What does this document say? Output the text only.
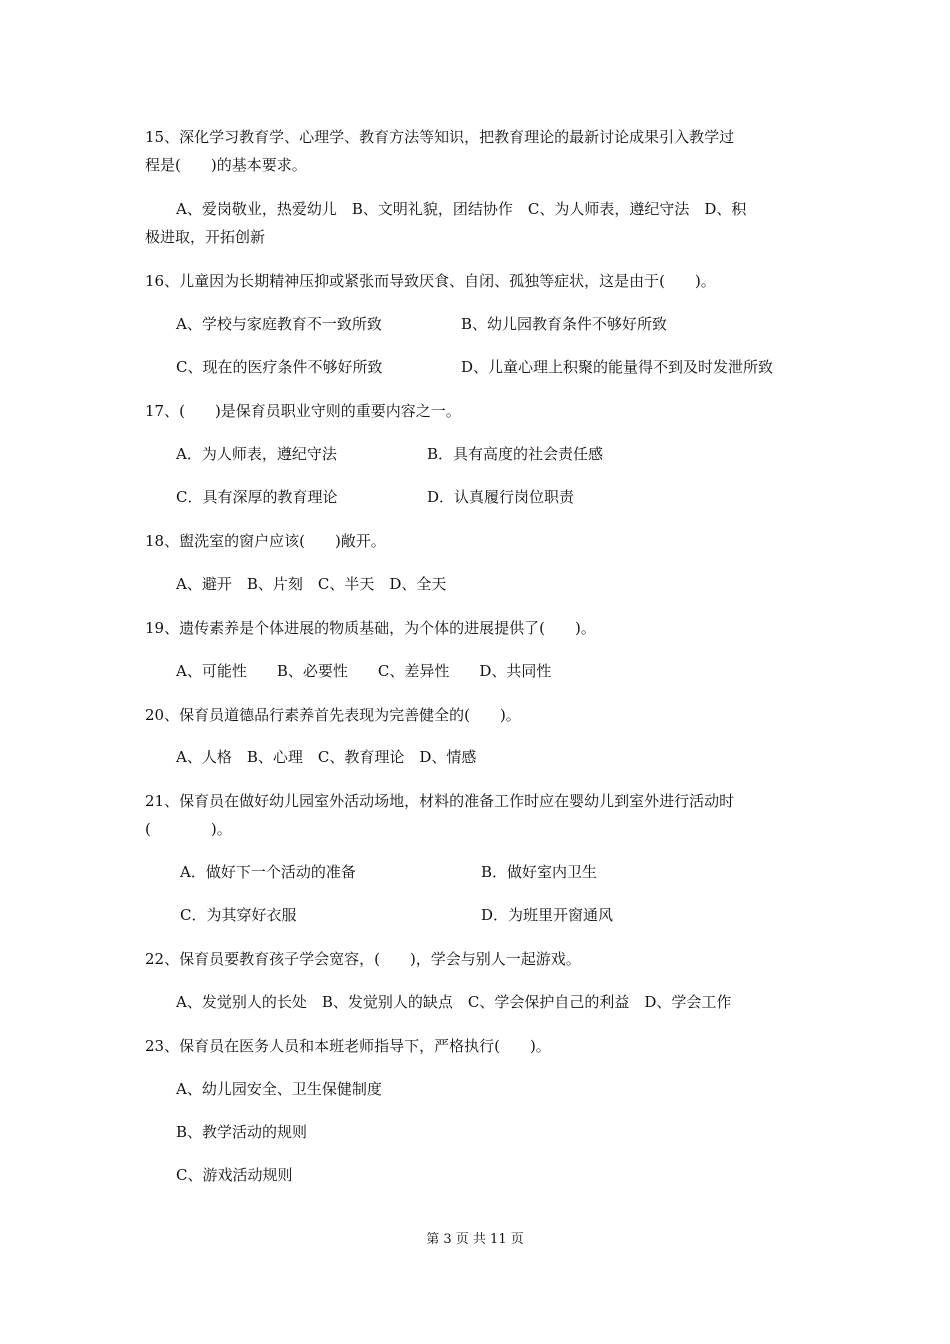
15、深化学习教育学、心理学、教育方法等知识，把教育理论的最新讨论成果引入教学过
程是(　　)的基本要求。
A、爱岗敬业，热爱幼儿　B、文明礼貌，团结协作　C、为人师表，遵纪守法　D、积
极进取，开拓创新
16、儿童因为长期精神压抑或紧张而导致厌食、自闭、孤独等症状，这是由于(　　)。
A、学校与家庭教育不一致所致	B、幼儿园教育条件不够好所致
C、现在的医疗条件不够好所致	D、儿童心理上积聚的能量得不到及时发泄所致
17、(　　)是保育员职业守则的重要内容之一。
A．为人师表，遵纪守法	B．具有高度的社会责任感
C．具有深厚的教育理论	D．认真履行岗位职责
18、盥洗室的窗户应该(　　)敞开。
A、避开　B、片刻　C、半天　D、全天
19、遗传素养是个体进展的物质基础，为个体的进展提供了(　　)。
A、可能性　　B、必要性　　C、差异性　　D、共同性
20、保育员道德品行素养首先表现为完善健全的(　　)。
A、人格　B、心理　C、教育理论　D、情感
21、保育员在做好幼儿园室外活动场地，材料的准备工作时应在婴幼儿到室外进行活动时
(　　　　)。
A．做好下一个活动的准备	B．做好室内卫生
C．为其穿好衣服	D．为班里开窗通风
22、保育员要教育孩子学会宽容，(　　)，学会与别人一起游戏。
A、发觉别人的长处　B、发觉别人的缺点　C、学会保护自己的利益　D、学会工作
23、保育员在医务人员和本班老师指导下，严格执行(　　)。
A、幼儿园安全、卫生保健制度
B、教学活动的规则
C、游戏活动规则
第 3 页 共 11 页
